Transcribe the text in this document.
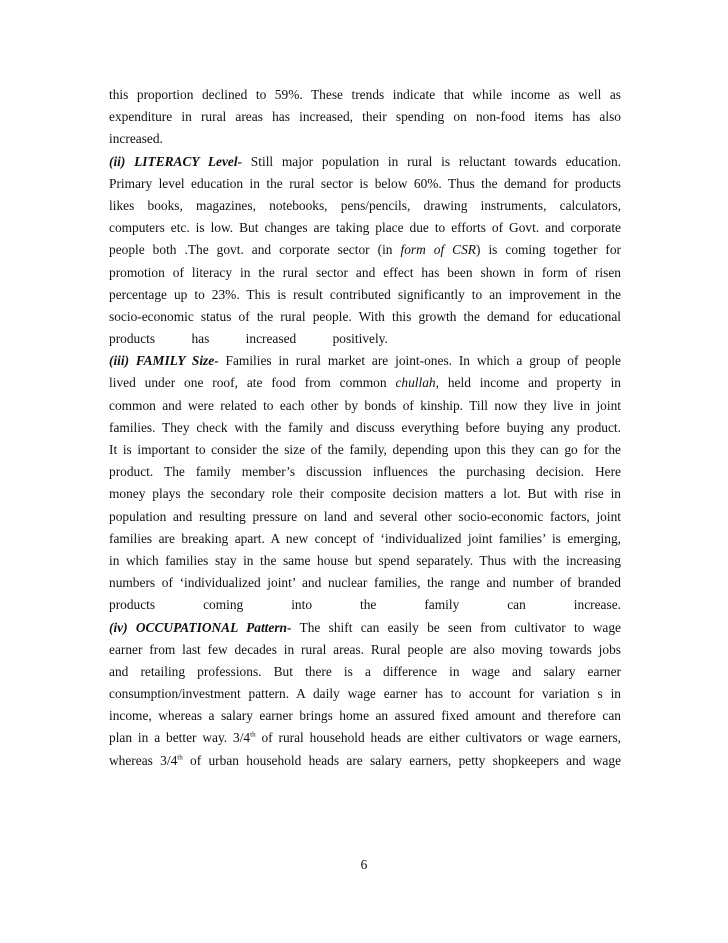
this proportion declined to 59%. These trends indicate that while income as well as
expenditure in rural areas has increased, their spending on non-food items has also
increased.
(ii) LITERACY Level- Still major population in rural is reluctant towards education.
Primary level education in the rural sector is below 60%. Thus the demand for products
likes books, magazines, notebooks, pens/pencils, drawing instruments, calculators,
computers etc. is low. But changes are taking place due to efforts of Govt. and corporate
people both .The govt. and corporate sector (in form of CSR) is coming together for
promotion of literacy in the rural sector and effect has been shown in form of risen
percentage up to 23%. This is result contributed significantly to an improvement in the
socio-economic status of the rural people. With this growth the demand for educational
products has increased positively.
(iii) FAMILY Size- Families in rural market are joint-ones. In which a group of people
lived under one roof, ate food from common chullah, held income and property in
common and were related to each other by bonds of kinship. Till now they live in joint
families. They check with the family and discuss everything before buying any product.
It is important to consider the size of the family, depending upon this they can go for the
product. The family member’s discussion influences the purchasing decision. Here
money plays the secondary role their composite decision matters a lot. But with rise in
population and resulting pressure on land and several other socio-economic factors, joint
families are breaking apart. A new concept of ‘individualized joint families’ is emerging,
in which families stay in the same house but spend separately. Thus with the increasing
numbers of ‘individualized joint’ and nuclear families, the range and number of branded
products coming into the family can increase.
(iv) OCCUPATIONAL Pattern- The shift can easily be seen from cultivator to wage
earner from last few decades in rural areas. Rural people are also moving towards jobs
and retailing professions. But there is a difference in wage and salary earner
consumption/investment pattern. A daily wage earner has to account for variation s in
income, whereas a salary earner brings home an assured fixed amount and therefore can
plan in a better way. 3/4th of rural household heads are either cultivators or wage earners,
whereas 3/4th of urban household heads are salary earners, petty shopkeepers and wage
6
